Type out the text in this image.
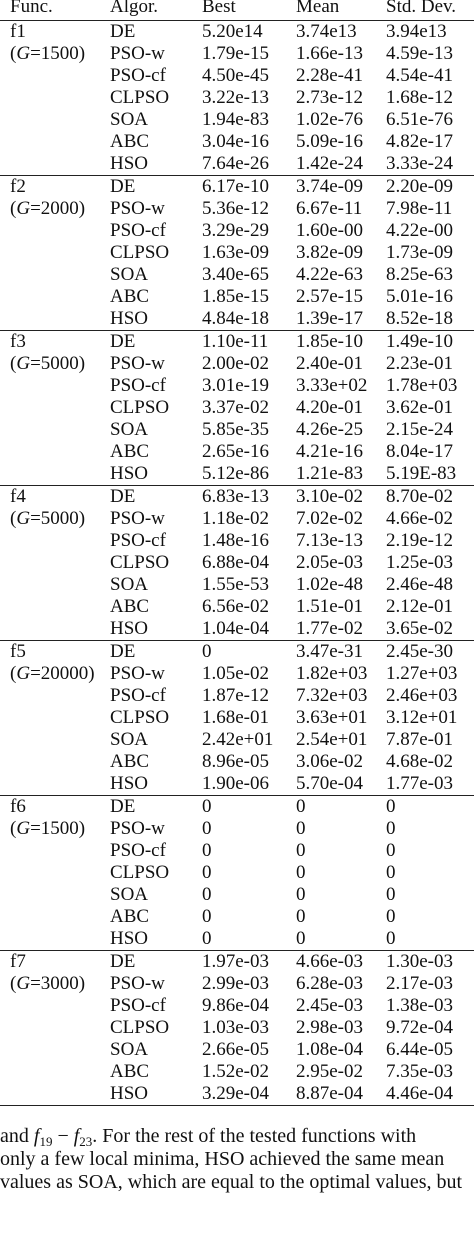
Func.	Algor.	Best	Mean	Std. Dev.
f1	DE	5.20e14	3.74e13	3.94e13
(G=1500)	PSO-w	1.79e-15	1.66e-13	4.59e-13
	PSO-cf	4.50e-45	2.28e-41	4.54e-41
	CLPSO	3.22e-13	2.73e-12	1.68e-12
	SOA	1.94e-83	1.02e-76	6.51e-76
	ABC	3.04e-16	5.09e-16	4.82e-17
	HSO	7.64e-26	1.42e-24	3.33e-24
f2	DE	6.17e-10	3.74e-09	2.20e-09
(G=2000)	PSO-w	5.36e-12	6.67e-11	7.98e-11
	PSO-cf	3.29e-29	1.60e-00	4.22e-00
	CLPSO	1.63e-09	3.82e-09	1.73e-09
	SOA	3.40e-65	4.22e-63	8.25e-63
	ABC	1.85e-15	2.57e-15	5.01e-16
	HSO	4.84e-18	1.39e-17	8.52e-18
f3	DE	1.10e-11	1.85e-10	1.49e-10
(G=5000)	PSO-w	2.00e-02	2.40e-01	2.23e-01
	PSO-cf	3.01e-19	3.33e+02	1.78e+03
	CLPSO	3.37e-02	4.20e-01	3.62e-01
	SOA	5.85e-35	4.26e-25	2.15e-24
	ABC	2.65e-16	4.21e-16	8.04e-17
	HSO	5.12e-86	1.21e-83	5.19E-83
f4	DE	6.83e-13	3.10e-02	8.70e-02
(G=5000)	PSO-w	1.18e-02	7.02e-02	4.66e-02
	PSO-cf	1.48e-16	7.13e-13	2.19e-12
	CLPSO	6.88e-04	2.05e-03	1.25e-03
	SOA	1.55e-53	1.02e-48	2.46e-48
	ABC	6.56e-02	1.51e-01	2.12e-01
	HSO	1.04e-04	1.77e-02	3.65e-02
f5	DE	0	3.47e-31	2.45e-30
(G=20000)	PSO-w	1.05e-02	1.82e+03	1.27e+03
	PSO-cf	1.87e-12	7.32e+03	2.46e+03
	CLPSO	1.68e-01	3.63e+01	3.12e+01
	SOA	2.42e+01	2.54e+01	7.87e-01
	ABC	8.96e-05	3.06e-02	4.68e-02
	HSO	1.90e-06	5.70e-04	1.77e-03
f6	DE	0	0	0
(G=1500)	PSO-w	0	0	0
	PSO-cf	0	0	0
	CLPSO	0	0	0
	SOA	0	0	0
	ABC	0	0	0
	HSO	0	0	0
f7	DE	1.97e-03	4.66e-03	1.30e-03
(G=3000)	PSO-w	2.99e-03	6.28e-03	2.17e-03
	PSO-cf	9.86e-04	2.45e-03	1.38e-03
	CLPSO	1.03e-03	2.98e-03	9.72e-04
	SOA	2.66e-05	1.08e-04	6.44e-05
	ABC	1.52e-02	2.95e-02	7.35e-03
	HSO	3.29e-04	8.87e-04	4.46e-04
and $f_{19} - f_{23}$. For the rest of the tested functions with
only a few local minima, HSO achieved the same mean
values as SOA, which are equal to the optimal values, but
